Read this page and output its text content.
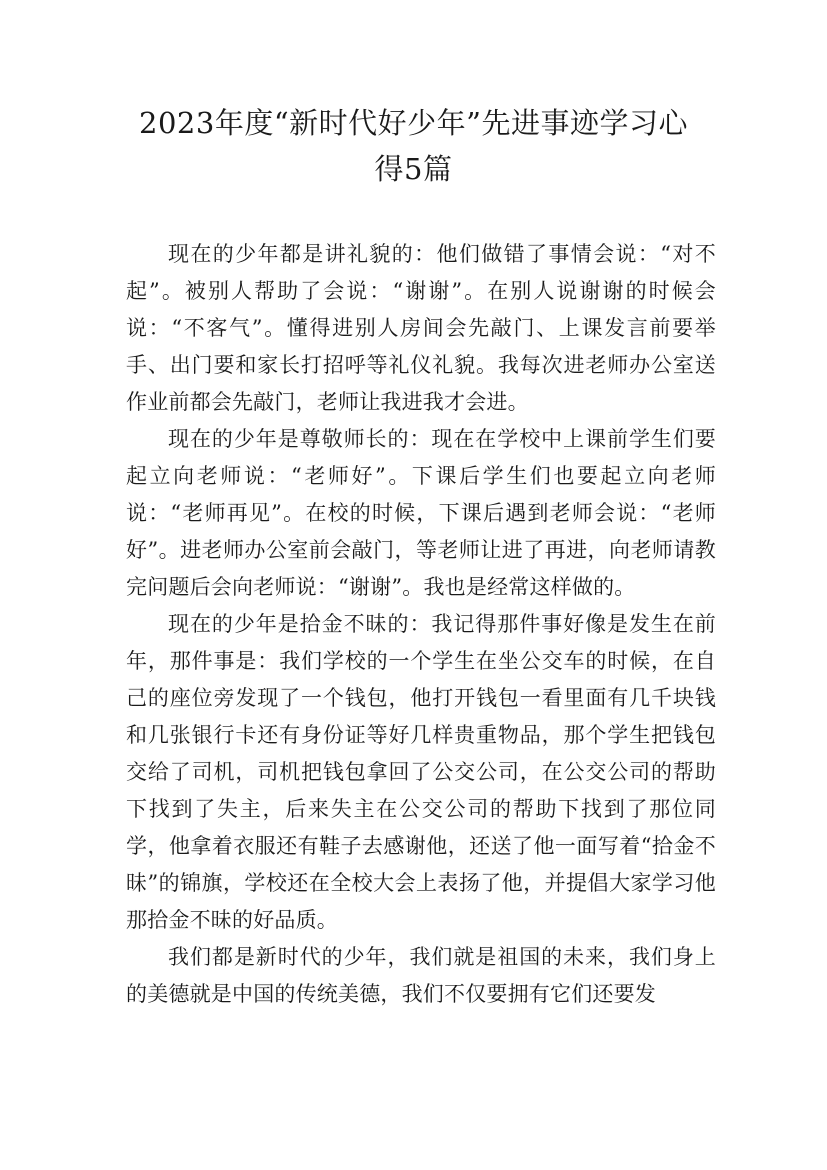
2023年度“新时代好少年”先进事迹学习心
得5篇

现在的少年都是讲礼貌的：他们做错了事情会说：“对不起”。被别人帮助了会说：“谢谢”。在别人说谢谢的时候会说：“不客气”。懂得进别人房间会先敲门、上课发言前要举手、出门要和家长打招呼等礼仪礼貌。我每次进老师办公室送作业前都会先敲门，老师让我进我才会进。

现在的少年是尊敬师长的：现在在学校中上课前学生们要起立向老师说：“老师好”。下课后学生们也要起立向老师说：“老师再见”。在校的时候，下课后遇到老师会说：“老师好”。进老师办公室前会敲门，等老师让进了再进，向老师请教完问题后会向老师说：“谢谢”。我也是经常这样做的。

现在的少年是拾金不昧的：我记得那件事好像是发生在前年，那件事是：我们学校的一个学生在坐公交车的时候，在自己的座位旁发现了一个钱包，他打开钱包一看里面有几千块钱和几张银行卡还有身份证等好几样贵重物品，那个学生把钱包交给了司机，司机把钱包拿回了公交公司，在公交公司的帮助下找到了失主，后来失主在公交公司的帮助下找到了那位同学，他拿着衣服还有鞋子去感谢他，还送了他一面写着“拾金不昧”的锦旗，学校还在全校大会上表扬了他，并提倡大家学习他那拾金不昧的好品质。

我们都是新时代的少年，我们就是祖国的未来，我们身上的美德就是中国的传统美德，我们不仅要拥有它们还要发
